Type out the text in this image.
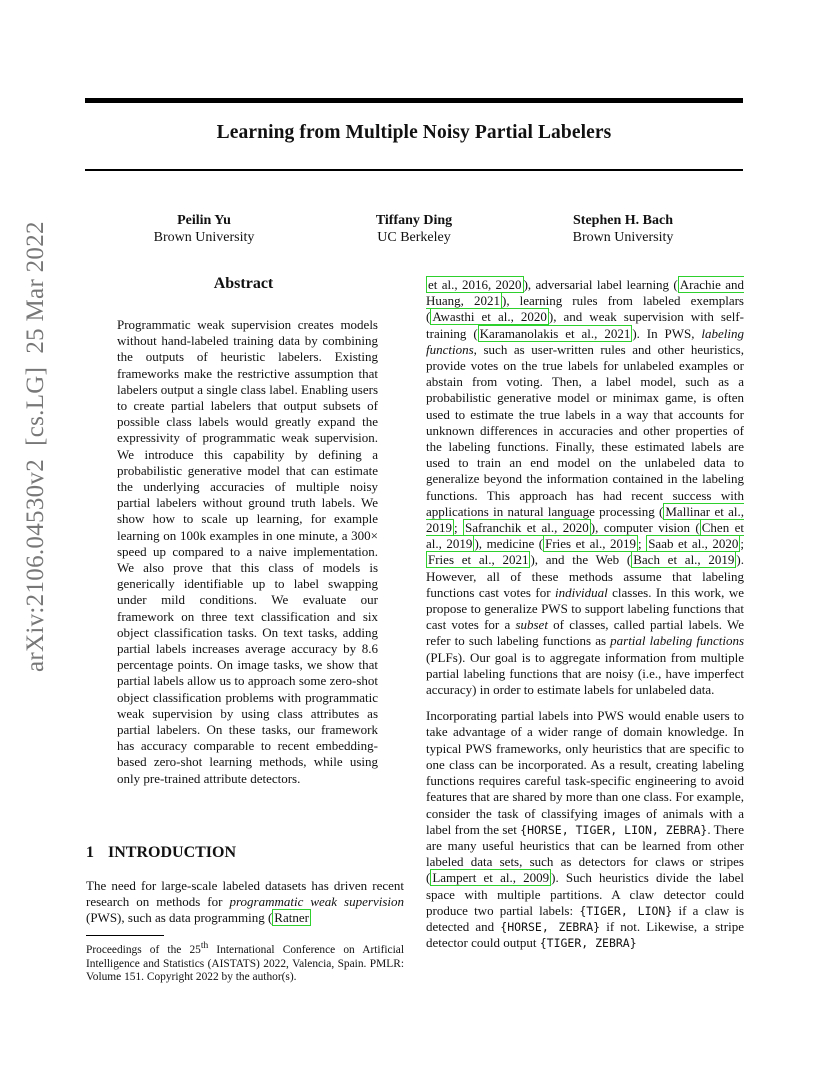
Learning from Multiple Noisy Partial Labelers
Peilin Yu
Brown University
Tiffany Ding
UC Berkeley
Stephen H. Bach
Brown University
arXiv:2106.04530v2  [cs.LG]  25 Mar 2022	Abstract
Programmatic weak supervision creates models without hand-labeled training data by combining the outputs of heuristic labelers. Existing frameworks make the restrictive assumption that labelers output a single class label. Enabling users to create partial labelers that output subsets of possible class labels would greatly expand the expressivity of programmatic weak supervision. We introduce this capability by defining a probabilistic generative model that can estimate the underlying accuracies of multiple noisy partial labelers without ground truth labels. We show how to scale up learning, for example learning on 100k examples in one minute, a 300× speed up compared to a naive implementation. We also prove that this class of models is generically identifiable up to label swapping under mild conditions. We evaluate our framework on three text classification and six object classification tasks. On text tasks, adding partial labels increases average accuracy by 8.6 percentage points. On image tasks, we show that partial labels allow us to approach some zero-shot object classification problems with programmatic weak supervision by using class attributes as partial labelers. On these tasks, our framework has accuracy comparable to recent embedding-based zero-shot learning methods, while using only pre-trained attribute detectors.
1 INTRODUCTION
The need for large-scale labeled datasets has driven recent research on methods for programmatic weak supervision (PWS), such as data programming ( Ratner
Proceedings of the 25th International Conference on Artificial Intelligence and Statistics (AISTATS) 2022, Valencia, Spain. PMLR: Volume 151. Copyright 2022 by the author(s).

et al., 2016, 2020 ), adversarial label learning ( Arachie and Huang, 2021 ), learning rules from labeled exemplars ( Awasthi et al., 2020 ), and weak supervision with self-training ( Karamanolakis et al., 2021 ). In PWS, labeling functions, such as user-written rules and other heuristics, provide votes on the true labels for unlabeled examples or abstain from voting. Then, a label model, such as a probabilistic generative model or minimax game, is often used to estimate the true labels in a way that accounts for unknown differences in accuracies and other properties of the labeling functions. Finally, these estimated labels are used to train an end model on the unlabeled data to generalize beyond the information contained in the labeling functions. This approach has had recent success with applications in natural language processing ( Mallinar et al., 2019 ; Safranchik et al., 2020 ), computer vision ( Chen et al., 2019 ), medicine ( Fries et al., 2019 ; Saab et al., 2020 ; Fries et al., 2021 ), and the Web ( Bach et al., 2019 ). However, all of these methods assume that labeling functions cast votes for individual classes. In this work, we propose to generalize PWS to support labeling functions that cast votes for a subset of classes, called partial labels. We refer to such labeling functions as partial labeling functions (PLFs). Our goal is to aggregate information from multiple partial labeling functions that are noisy (i.e., have imperfect accuracy) in order to estimate labels for unlabeled data.

Incorporating partial labels into PWS would enable users to take advantage of a wider range of domain knowledge. In typical PWS frameworks, only heuristics that are specific to one class can be incorporated. As a result, creating labeling functions requires careful task-specific engineering to avoid features that are shared by more than one class. For example, consider the task of classifying images of animals with a label from the set {HORSE, TIGER, LION, ZEBRA}. There are many useful heuristics that can be learned from other labeled data sets, such as detectors for claws or stripes ( Lampert et al., 2009 ). Such heuristics divide the label space with multiple partitions. A claw detector could produce two partial labels: {TIGER, LION} if a claw is detected and {HORSE, ZEBRA} if not. Likewise, a stripe detector could output {TIGER, ZEBRA}
